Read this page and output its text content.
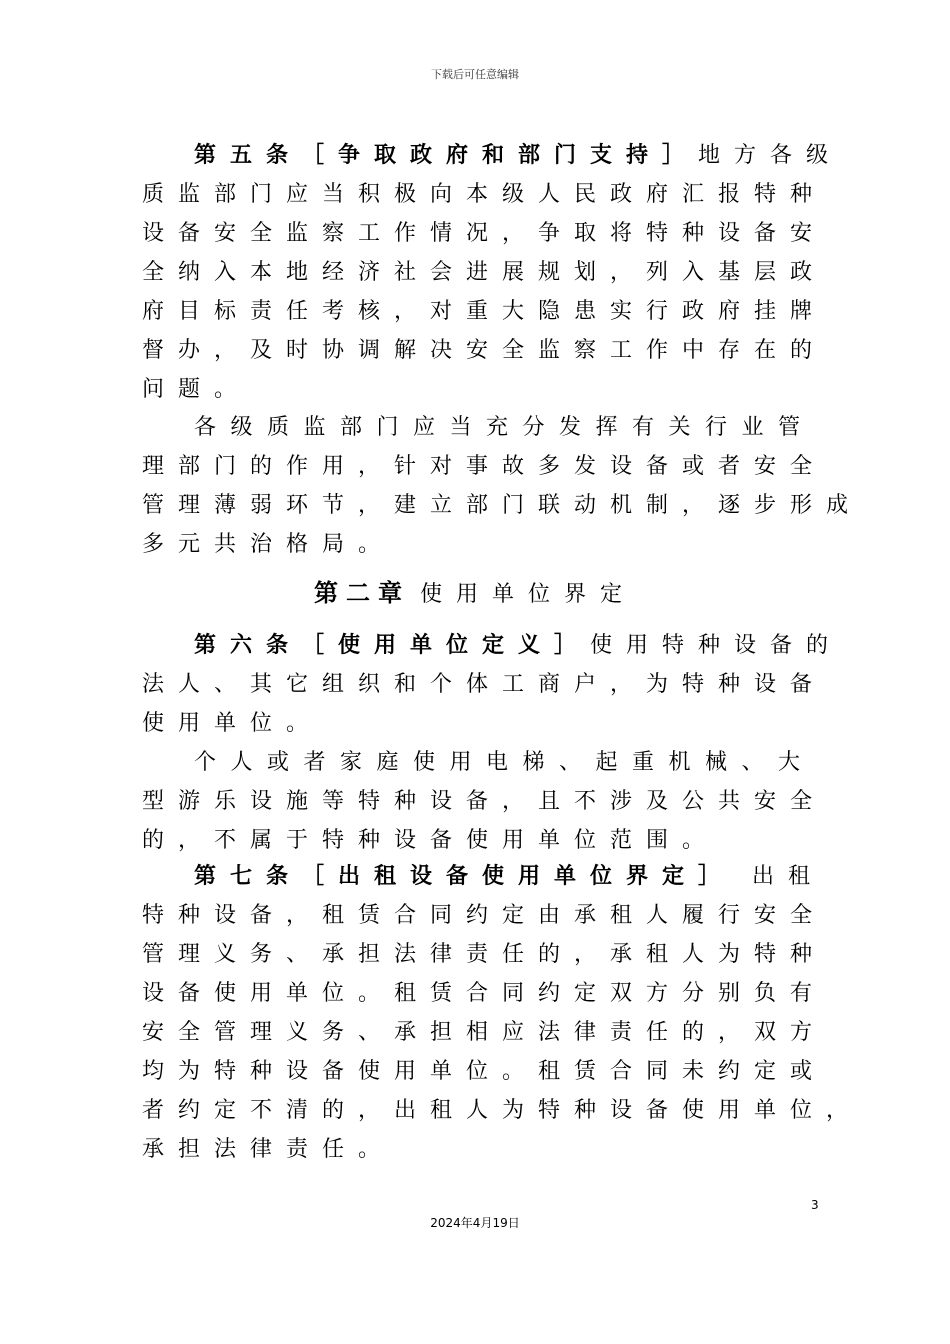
下载后可任意编辑
第五条［争取政府和部门支持］地方各级
质监部门应当积极向本级人民政府汇报特种
设备安全监察工作情况，争取将特种设备安
全纳入本地经济社会进展规划，列入基层政
府目标责任考核，对重大隐患实行政府挂牌
督办，及时协调解决安全监察工作中存在的
问题。
各级质监部门应当充分发挥有关行业管
理部门的作用，针对事故多发设备或者安全
管理薄弱环节，建立部门联动机制，逐步形成
多元共治格局。
第六条［使用单位定义］使用特种设备的
法人、其它组织和个体工商户，为特种设备
使用单位。
个人或者家庭使用电梯、起重机械、大
型游乐设施等特种设备，且不涉及公共安全
的，不属于特种设备使用单位范围。
第七条［出租设备使用单位界定］ 出租
特种设备，租赁合同约定由承租人履行安全
管理义务、承担法律责任的，承租人为特种
设备使用单位。租赁合同约定双方分别负有
安全管理义务、承担相应法律责任的，双方
均为特种设备使用单位。租赁合同未约定或
者约定不清的，出租人为特种设备使用单位，
承担法律责任。
第二章 使用单位界定
3
2024年4月19日
